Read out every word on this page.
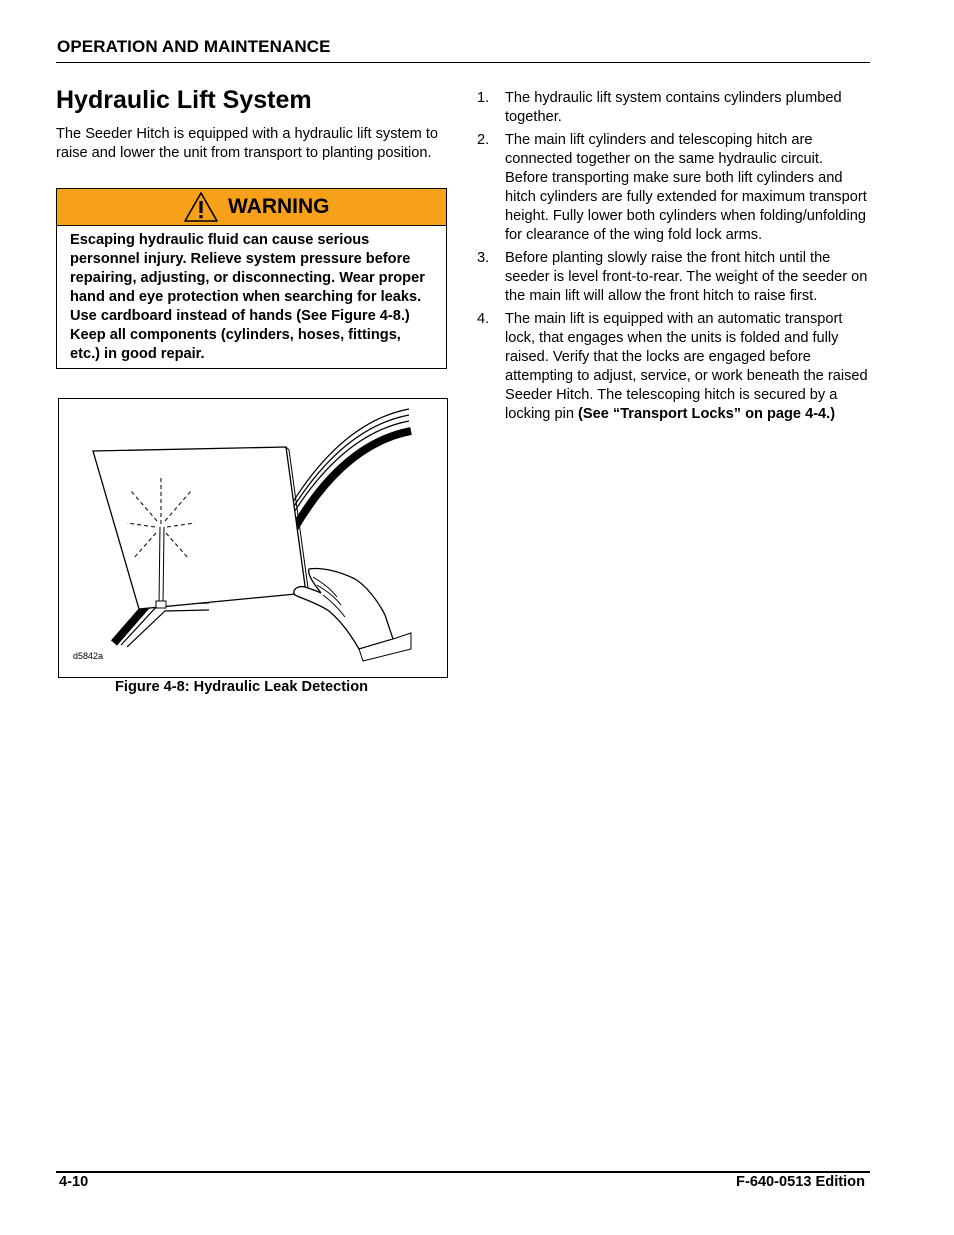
OPERATION AND MAINTENANCE
Hydraulic Lift System
The Seeder Hitch is equipped with a hydraulic lift system to raise and lower the unit from transport to planting position.
WARNING
Escaping hydraulic fluid can cause serious personnel injury. Relieve system pressure before repairing, adjusting, or disconnecting. Wear proper hand and eye protection when searching for leaks. Use cardboard instead of hands (See Figure 4-8.) Keep all components (cylinders, hoses, fittings, etc.) in good repair.
d5842a
Figure 4-8: Hydraulic Leak Detection
1. The hydraulic lift system contains cylinders plumbed together.
2. The main lift cylinders and telescoping hitch are connected together on the same hydraulic circuit. Before transporting make sure both lift cylinders and hitch cylinders are fully extended for maximum transport height. Fully lower both cylinders when folding/unfolding for clearance of the wing fold lock arms.
3. Before planting slowly raise the front hitch until the seeder is level front-to-rear. The weight of the seeder on the main lift will allow the front hitch to raise first.
4. The main lift is equipped with an automatic transport lock, that engages when the units is folded and fully raised. Verify that the locks are engaged before attempting to adjust, service, or work beneath the raised Seeder Hitch. The telescoping hitch is secured by a locking pin (See “Transport Locks” on page 4-4.)
4-10	F-640-0513 Edition
